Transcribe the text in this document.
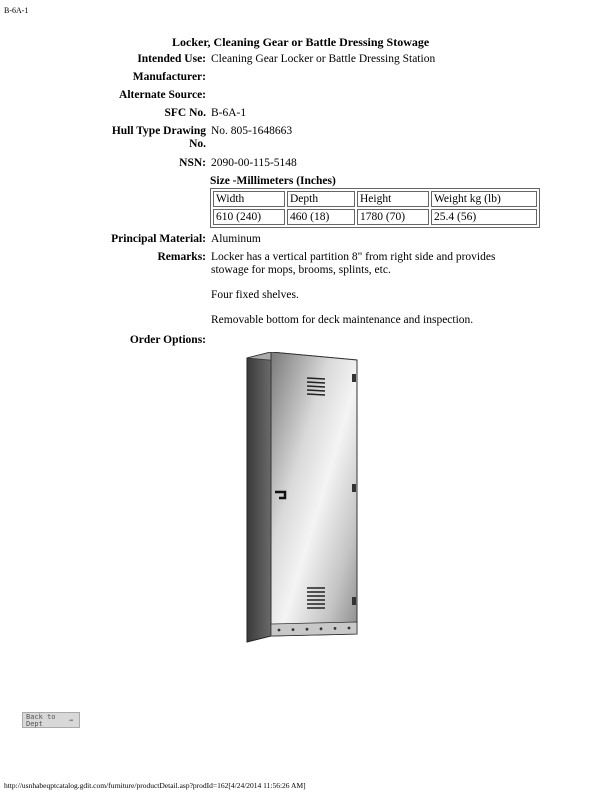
B-6A-1
Locker, Cleaning Gear or Battle Dressing Stowage
Intended Use: Cleaning Gear Locker or Battle Dressing Station
Manufacturer:
Alternate Source:
SFC No. B-6A-1
Hull Type Drawing
No.
No. 805-1648663
NSN: 2090-00-115-5148
Size -Millimeters (Inches)
Width	Depth	Height	Weight kg (lb)
610 (240)	460 (18)	1780 (70)	25.4 (56)
Principal Material: Aluminum
Remarks: Locker has a vertical partition 8" from right side and provides stowage for mops, brooms, splints, etc.

Four fixed shelves.

Removable bottom for deck maintenance and inspection.

Order Options:
Back to
Dept	→
http://usnhabeqptcatalog.gdit.com/furniture/productDetail.asp?prodId=162[4/24/2014 11:56:26 AM]
